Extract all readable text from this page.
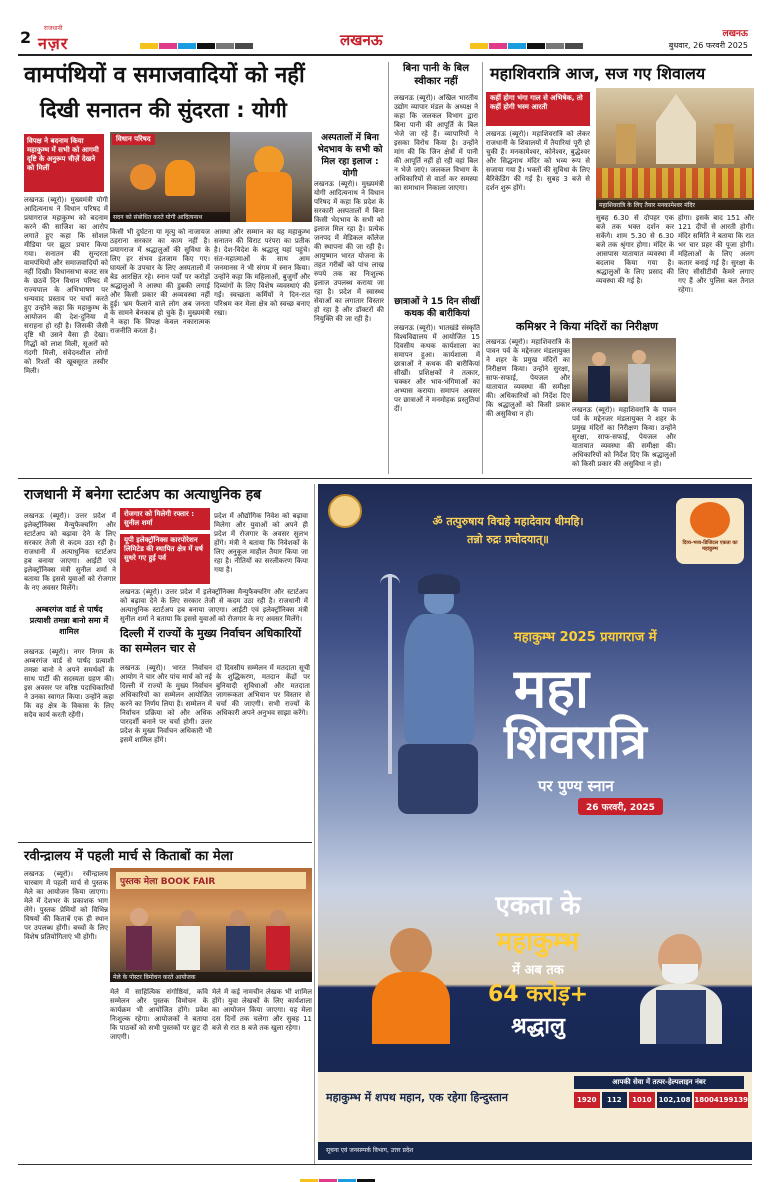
2	राजधानी
नज़र	लखनऊ	लखनऊ
बुधवार, 26 फरवरी 2025
वामपंथियों व समाजवादियों को नहीं
दिखी सनातन की सुंदरता : योगी
विपक्ष ने बदनाम किया महाकुम्भ में सभी को आगमी दृष्टि के अनुरूप चीज़ें देखने को मिलीं
विधान परिषद
सदन को संबोधित करते योगी आदित्यनाथ
लखनऊ (ब्यूरो)। मुख्यमंत्री योगी आदित्यनाथ ने विधान परिषद में प्रयागराज महाकुम्भ को बदनाम करने की साजिश का आरोप लगाते हुए कहा कि सोशल मीडिया पर झूठा प्रचार किया गया। सनातन की सुन्दरता वामपंथियों और समाजवादियों को नहीं दिखी। विधानसभा बजट सत्र के छठवें दिन विधान परिषद में राज्यपाल के अभिभाषण पर धन्यवाद प्रस्ताव पर चर्चा करते हुए उन्होंने कहा कि महाकुम्भ के आयोजन की देश-दुनिया में सराहना हो रही है। जिसकी जैसी दृष्टि थी उसने वैसा ही देखा। गिद्धों को लाश मिली, सूअरों को गंदगी मिली, संवेदनशील लोगों को रिश्तों की खूबसूरत तस्वीर मिली।
किसी भी दुर्घटना या मृत्यु को नाजायज ठहराना सरकार का काम नहीं है। प्रयागराज में श्रद्धालुओं की सुविधा के लिए हर संभव इंतजाम किए गए। घायलों के उपचार के लिए अस्पतालों में बेड आरक्षित रहे। स्नान पर्वों पर करोड़ों श्रद्धालुओं ने आस्था की डुबकी लगाई और किसी प्रकार की अव्यवस्था नहीं हुई। भ्रम फैलाने वाले लोग अब जनता के सामने बेनकाब हो चुके हैं। मुख्यमंत्री ने कहा कि विपक्ष केवल नकारात्मक राजनीति करता है।
आस्था और सम्मान का यह महाकुम्भ सनातन की विराट परंपरा का प्रतीक है। देश-विदेश के श्रद्धालु यहां पहुंचे। संत-महात्माओं के साथ आम जनमानस ने भी संगम में स्नान किया। उन्होंने कहा कि महिलाओं, बुजुर्गों और दिव्यांगों के लिए विशेष व्यवस्थाएं की गईं। स्वच्छता कर्मियों ने दिन-रात परिश्रम कर मेला क्षेत्र को स्वच्छ बनाए रखा।
अस्पतालों में बिना भेदभाव के सभी को मिल रहा इलाज : योगी
लखनऊ (ब्यूरो)। मुख्यमंत्री योगी आदित्यनाथ ने विधान परिषद में कहा कि प्रदेश के सरकारी अस्पतालों में बिना किसी भेदभाव के सभी को इलाज मिल रहा है। प्रत्येक जनपद में मेडिकल कॉलेज की स्थापना की जा रही है। आयुष्मान भारत योजना के तहत गरीबों को पांच लाख रुपये तक का निःशुल्क इलाज उपलब्ध कराया जा रहा है। प्रदेश में स्वास्थ्य सेवाओं का लगातार विस्तार हो रहा है और डॉक्टरों की नियुक्ति की जा रही है।
बिना पानी के बिल स्वीकार नहीं
लखनऊ (ब्यूरो)। अखिल भारतीय उद्योग व्यापार मंडल के अध्यक्ष ने कहा कि जलकल विभाग द्वारा बिना पानी की आपूर्ति के बिल भेजे जा रहे हैं। व्यापारियों ने इसका विरोध किया है। उन्होंने मांग की कि जिन क्षेत्रों में पानी की आपूर्ति नहीं हो रही वहां बिल न भेजे जाएं। जलकल विभाग के अधिकारियों से वार्ता कर समस्या का समाधान निकाला जाएगा।
छात्राओं ने 15 दिन सीखीं कथक की बारीकियां
लखनऊ (ब्यूरो)। भातखंडे संस्कृति विश्वविद्यालय में आयोजित 15 दिवसीय कथक कार्यशाला का समापन हुआ। कार्यशाला में छात्राओं ने कथक की बारीकियां सीखीं। प्रशिक्षकों ने तत्कार, चक्कर और भाव-भंगिमाओं का अभ्यास कराया। समापन अवसर पर छात्राओं ने मनमोहक प्रस्तुतियां दीं।
महाशिवरात्रि आज, सज गए शिवालय
कहीं होगा भंगा गाल से अभिषेक, तो कहीं होगी भस्म आरती
महाशिवरात्रि के लिए तैयार मनकामेश्वर मंदिर
लखनऊ (ब्यूरो)। महाशिवरात्रि को लेकर राजधानी के शिवालयों में तैयारियां पूरी हो चुकी हैं। मनकामेश्वर, कोनेश्वर, बुद्धेश्वर और सिद्धनाथ मंदिर को भव्य रूप से सजाया गया है। भक्तों की सुविधा के लिए बैरिकेडिंग की गई है। सुबह 3 बजे से दर्शन शुरू होंगे।
सुबह 6.30 से दोपहर एक बजे तक भक्त दर्शन कर सकेंगे। शाम 5.30 से 6.30 बजे तक श्रृंगार होगा। मंदिर के आसपास यातायात व्यवस्था में बदलाव किया गया है। श्रद्धालुओं के लिए प्रसाद की व्यवस्था की गई है।
होगा। इसके बाद 151 और 121 दीपों से आरती होगी। मंदिर समिति ने बताया कि रात भर चार प्रहर की पूजा होगी। महिलाओं के लिए अलग कतार बनाई गई है। सुरक्षा के लिए सीसीटीवी कैमरे लगाए गए हैं और पुलिस बल तैनात रहेगा।
कमिश्नर ने किया मंदिरों का निरीक्षण
लखनऊ (ब्यूरो)। महाशिवरात्रि के पावन पर्व के मद्देनजर मंडलायुक्त ने शहर के प्रमुख मंदिरों का निरीक्षण किया। उन्होंने सुरक्षा, साफ-सफाई, पेयजल और यातायात व्यवस्था की समीक्षा की। अधिकारियों को निर्देश दिए कि श्रद्धालुओं को किसी प्रकार की असुविधा न हो।	लखनऊ (ब्यूरो)। महाशिवरात्रि के पावन पर्व के मद्देनजर मंडलायुक्त ने शहर के प्रमुख मंदिरों का निरीक्षण किया। उन्होंने सुरक्षा, साफ-सफाई, पेयजल और यातायात व्यवस्था की समीक्षा की। अधिकारियों को निर्देश दिए कि श्रद्धालुओं को किसी प्रकार की असुविधा न हो।
राजधानी में बनेगा स्टार्टअप का अत्याधुनिक हब
लखनऊ (ब्यूरो)। उत्तर प्रदेश में इलेक्ट्रॉनिक्स मैन्युफैक्चरिंग और स्टार्टअप को बढ़ावा देने के लिए सरकार तेजी से कदम उठा रही है। राजधानी में अत्याधुनिक स्टार्टअप हब बनाया जाएगा। आईटी एवं इलेक्ट्रॉनिक्स मंत्री सुनील शर्मा ने बताया कि इससे युवाओं को रोजगार के नए अवसर मिलेंगे।
रोजगार को मिलेगी रफ्तार : सुनील शर्मा
यूपी इलेक्ट्रॉनिक्स कारपोरेशन लिमिटेड की स्थापित क्षेत्र में वर्ष सुधरे गए हुई पर्व
प्रदेश में औद्योगिक निवेश को बढ़ावा मिलेगा और युवाओं को अपने ही प्रदेश में रोजगार के अवसर सुलभ होंगे। मंत्री ने बताया कि निवेशकों के लिए अनुकूल माहौल तैयार किया जा रहा है। नीतियों का सरलीकरण किया गया है।
लखनऊ (ब्यूरो)। उत्तर प्रदेश में इलेक्ट्रॉनिक्स मैन्युफैक्चरिंग और स्टार्टअप को बढ़ावा देने के लिए सरकार तेजी से कदम उठा रही है। राजधानी में अत्याधुनिक स्टार्टअप हब बनाया जाएगा। आईटी एवं इलेक्ट्रॉनिक्स मंत्री सुनील शर्मा ने बताया कि इससे युवाओं को रोजगार के नए अवसर मिलेंगे।
अम्बरगंज वार्ड से पार्षद प्रत्याशी तमन्ना बानो समा में शामिल
लखनऊ (ब्यूरो)। नगर निगम के अम्बरगंज वार्ड से पार्षद प्रत्याशी तमन्ना बानो ने अपने समर्थकों के साथ पार्टी की सदस्यता ग्रहण की। इस अवसर पर वरिष्ठ पदाधिकारियों ने उनका स्वागत किया। उन्होंने कहा कि वह क्षेत्र के विकास के लिए सदैव कार्य करती रहेंगी।
दिल्ली में राज्यों के मुख्य निर्वाचन अधिकारियों का सम्मेलन चार से
लखनऊ (ब्यूरो)। भारत निर्वाचन आयोग ने चार और पांच मार्च को नई दिल्ली में राज्यों के मुख्य निर्वाचन अधिकारियों का सम्मेलन आयोजित करने का निर्णय लिया है। सम्मेलन में निर्वाचन प्रक्रिया को और अधिक पारदर्शी बनाने पर चर्चा होगी। उत्तर प्रदेश के मुख्य निर्वाचन अधिकारी भी इसमें शामिल होंगे।
दो दिवसीय सम्मेलन में मतदाता सूची के शुद्धिकरण, मतदान केंद्रों पर बुनियादी सुविधाओं और मतदाता जागरूकता अभियान पर विस्तार से चर्चा की जाएगी। सभी राज्यों के अधिकारी अपने अनुभव साझा करेंगे।
रवीन्द्रालय में पहली मार्च से किताबों का मेला
लखनऊ (ब्यूरो)। रवीन्द्रालय चारबाग में पहली मार्च से पुस्तक मेले का आयोजन किया जाएगा। मेले में देशभर के प्रकाशक भाग लेंगे। पुस्तक प्रेमियों को विभिन्न विषयों की किताबें एक ही स्थान पर उपलब्ध होंगी। बच्चों के लिए विशेष प्रतियोगिताएं भी होंगी।
पुस्तक मेला BOOK FAIR
मेले के पोस्टर विमोचन करते आयोजक
मेले में साहित्यिक संगोष्ठियां, कवि सम्मेलन और पुस्तक विमोचन के कार्यक्रम भी आयोजित होंगे। प्रवेश निःशुल्क रहेगा। आयोजकों ने बताया कि पाठकों को सभी पुस्तकों पर छूट दी जाएगी।
मेले में कई नामचीन लेखक भी शामिल होंगे। युवा लेखकों के लिए कार्यशाला का आयोजन किया जाएगा। यह मेला दस दिनों तक चलेगा और सुबह 11 बजे से रात 8 बजे तक खुला रहेगा।
ॐ तत्पुरुषाय विद्महे महादेवाय धीमहि।
तन्नो रुद्रः प्रचोदयात्॥	दिव्य-भव्य-डिजिटल एकता का महाकुम्भ
महाकुम्भ 2025 प्रयागराज में
महा
शिवरात्रि
पर पुण्य स्नान
26 फरवरी, 2025
एकता के
महाकुम्भ
में अब तक
64 करोड़+
श्रद्धालु
महाकुम्भ में शपथ महान, एक रहेगा हिन्दुस्तान
आपकी सेवा में तत्पर-हेल्पलाइन नंबर
1920	112	1010 102,108 18004199139
सूचना एवं जनसम्पर्क विभाग, उत्तर प्रदेश
